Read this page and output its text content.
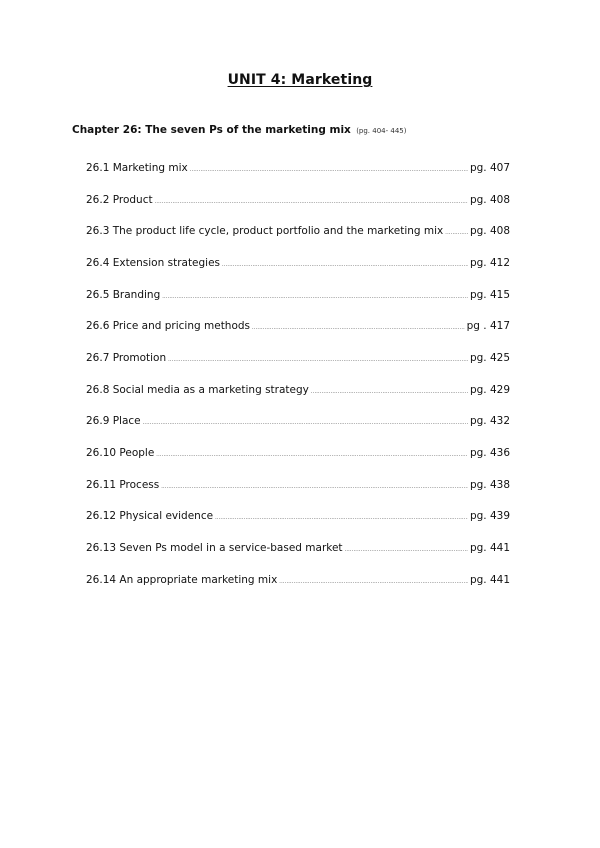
UNIT 4: Marketing
Chapter 26: The seven Ps of the marketing mix (pg. 404- 445)
26.1 Marketing mix .....	pg. 407
26.2 Product .....	pg. 408
26.3 The product life cycle, product portfolio and the marketing mix .....	pg. 408
26.4 Extension strategies .....	pg. 412
26.5 Branding .....	pg. 415
26.6 Price and pricing methods .....	pg . 417
26.7 Promotion .....	pg. 425
26.8 Social media as a marketing strategy .....	pg. 429
26.9 Place .....	pg. 432
26.10 People .....	pg. 436
26.11 Process .....	pg. 438
26.12 Physical evidence .....	pg. 439
26.13 Seven Ps model in a service-based market .....	pg. 441
26.14 An appropriate marketing mix .....	pg. 441
